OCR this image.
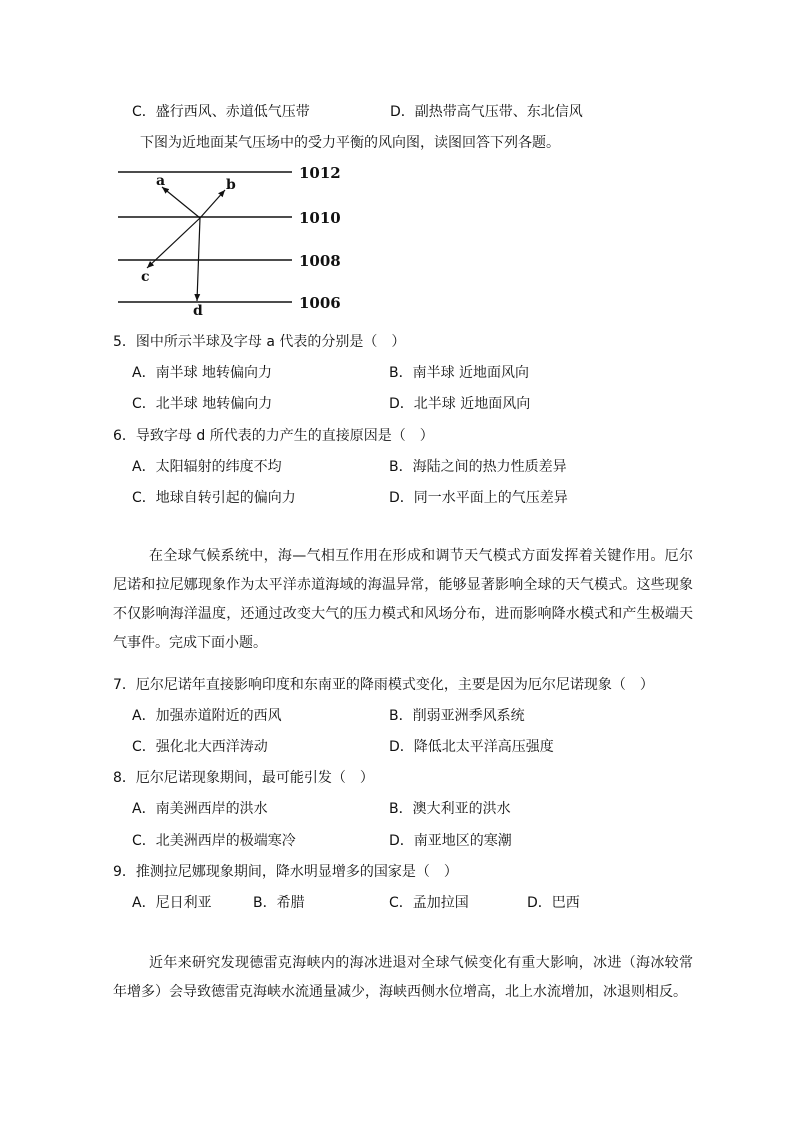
C．盛行西风、赤道低气压带	D．副热带高气压带、东北信风
下图为近地面某气压场中的受力平衡的风向图，读图回答下列各题。
1012
1010
1008
1006
a	b
c
d
5．图中所示半球及字母 a 代表的分别是（　）
A．南半球 地转偏向力	B．南半球 近地面风向
C．北半球 地转偏向力	D．北半球 近地面风向
6．导致字母 d 所代表的力产生的直接原因是（　）
A．太阳辐射的纬度不均	B．海陆之间的热力性质差异
C．地球自转引起的偏向力	D．同一水平面上的气压差异
在全球气候系统中，海—气相互作用在形成和调节天气模式方面发挥着关键作用。厄尔尼诺和拉尼娜现象作为太平洋赤道海域的海温异常，能够显著影响全球的天气模式。这些现象不仅影响海洋温度，还通过改变大气的压力模式和风场分布，进而影响降水模式和产生极端天气事件。完成下面小题。
7．厄尔尼诺年直接影响印度和东南亚的降雨模式变化，主要是因为厄尔尼诺现象（　）
A．加强赤道附近的西风	B．削弱亚洲季风系统
C．强化北大西洋涛动	D．降低北太平洋高压强度
8．厄尔尼诺现象期间，最可能引发（　）
A．南美洲西岸的洪水	B．澳大利亚的洪水
C．北美洲西岸的极端寒冷	D．南亚地区的寒潮
9．推测拉尼娜现象期间，降水明显增多的国家是（　）
A．尼日利亚	B．希腊	C．孟加拉国	D．巴西
近年来研究发现德雷克海峡内的海冰进退对全球气候变化有重大影响，冰进（海冰较常年增多）会导致德雷克海峡水流通量减少，海峡西侧水位增高，北上水流增加，冰退则相反。
